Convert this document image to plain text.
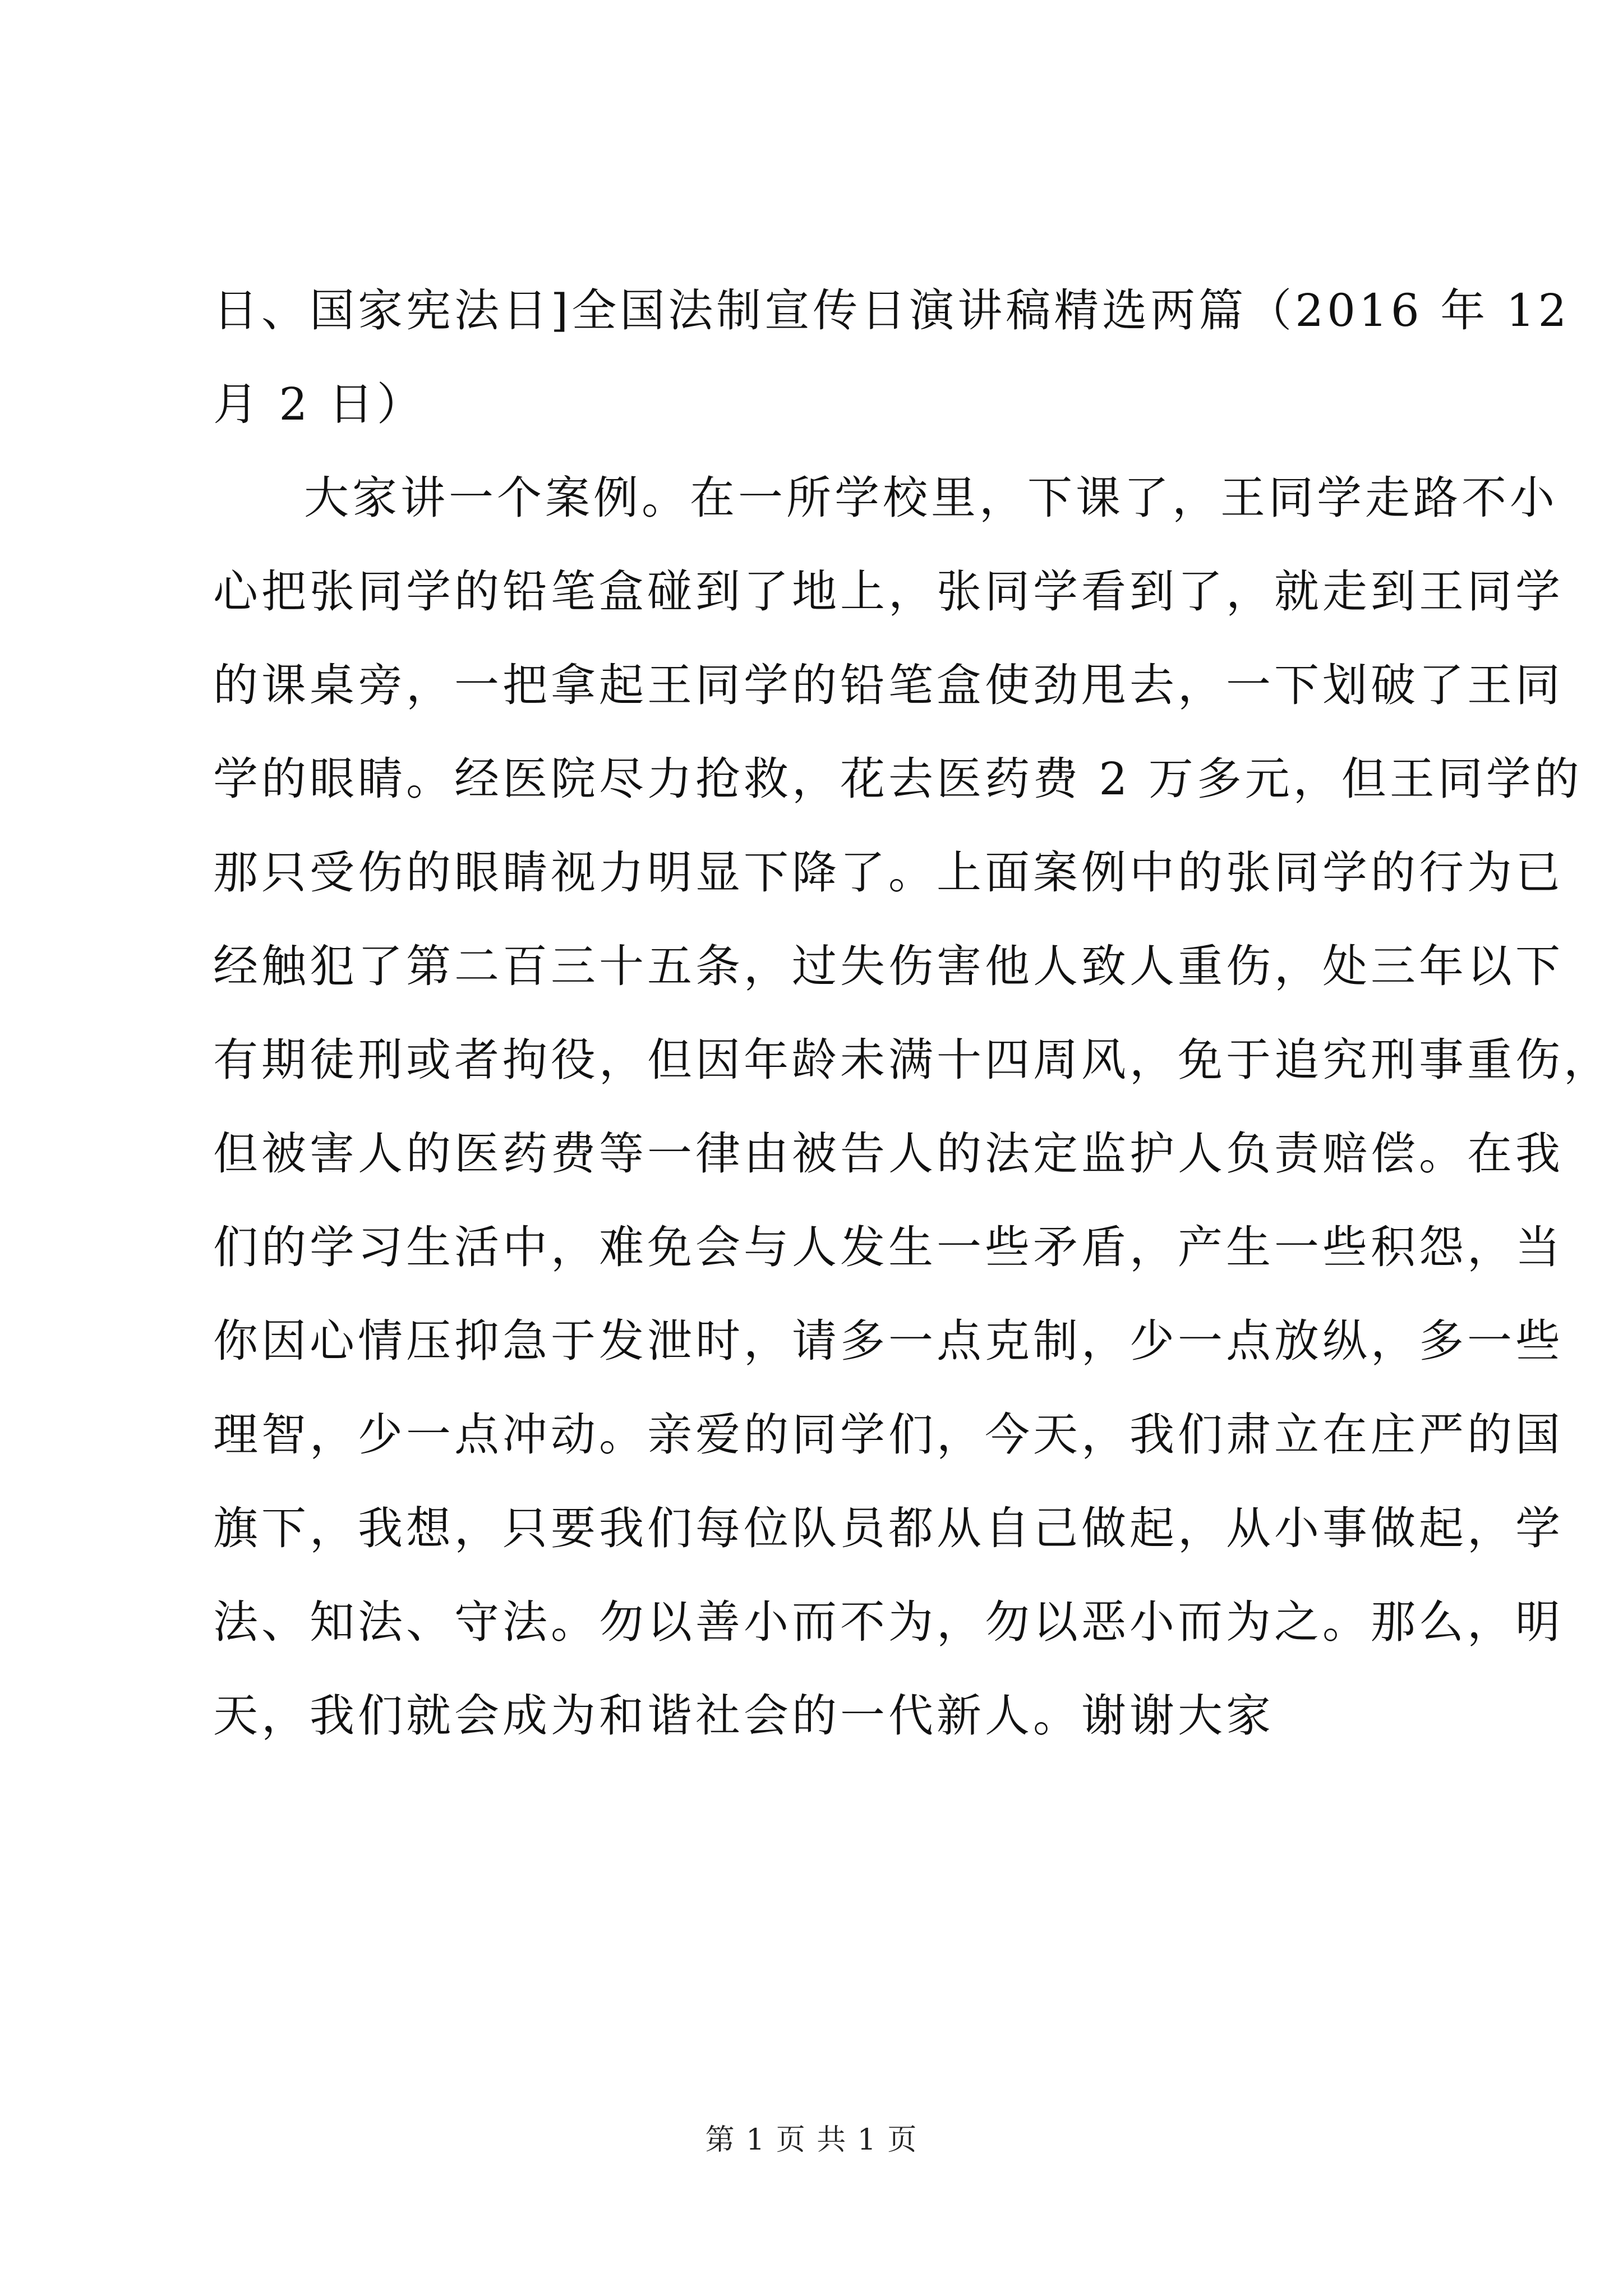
日、国家宪法日]全国法制宣传日演讲稿精选两篇（2016 年 12
月 2 日）
大家讲一个案例。在一所学校里，下课了，王同学走路不小
心把张同学的铅笔盒碰到了地上，张同学看到了，就走到王同学
的课桌旁，一把拿起王同学的铅笔盒使劲甩去，一下划破了王同
学的眼睛。经医院尽力抢救，花去医药费 2 万多元，但王同学的
那只受伤的眼睛视力明显下降了。上面案例中的张同学的行为已
经触犯了第二百三十五条，过失伤害他人致人重伤，处三年以下
有期徒刑或者拘役，但因年龄未满十四周风，免于追究刑事重伤，
但被害人的医药费等一律由被告人的法定监护人负责赔偿。在我
们的学习生活中，难免会与人发生一些矛盾，产生一些积怨，当
你因心情压抑急于发泄时，请多一点克制，少一点放纵，多一些
理智，少一点冲动。亲爱的同学们，今天，我们肃立在庄严的国
旗下，我想，只要我们每位队员都从自己做起，从小事做起，学
法、知法、守法。勿以善小而不为，勿以恶小而为之。那么，明
天，我们就会成为和谐社会的一代新人。谢谢大家
第 1 页 共 1 页
